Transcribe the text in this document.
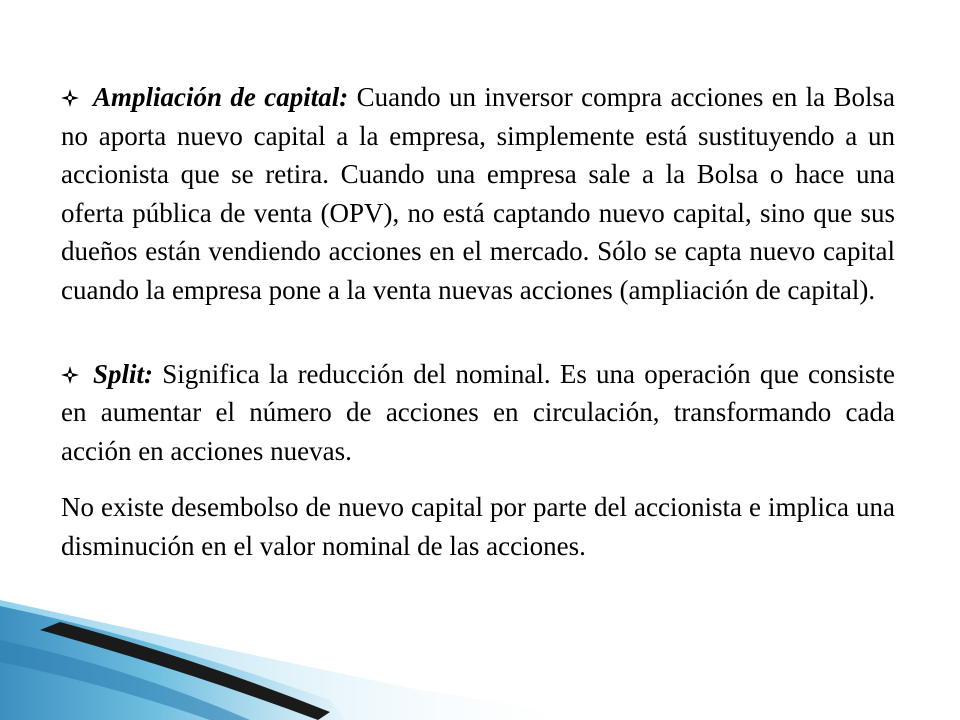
Ampliación de capital: Cuando un inversor compra acciones en la Bolsa no aporta nuevo capital a la empresa, simplemente está sustituyendo a un accionista que se retira. Cuando una empresa sale a la Bolsa o hace una oferta pública de venta (OPV), no está captando nuevo capital, sino que sus dueños están vendiendo acciones en el mercado. Sólo se capta nuevo capital cuando la empresa pone a la venta nuevas acciones (ampliación de capital).

Split: Significa la reducción del nominal. Es una operación que consiste en aumentar el número de acciones en circulación, transformando cada acción en acciones nuevas.

No existe desembolso de nuevo capital por parte del accionista e implica una disminución en el valor nominal de las acciones.
